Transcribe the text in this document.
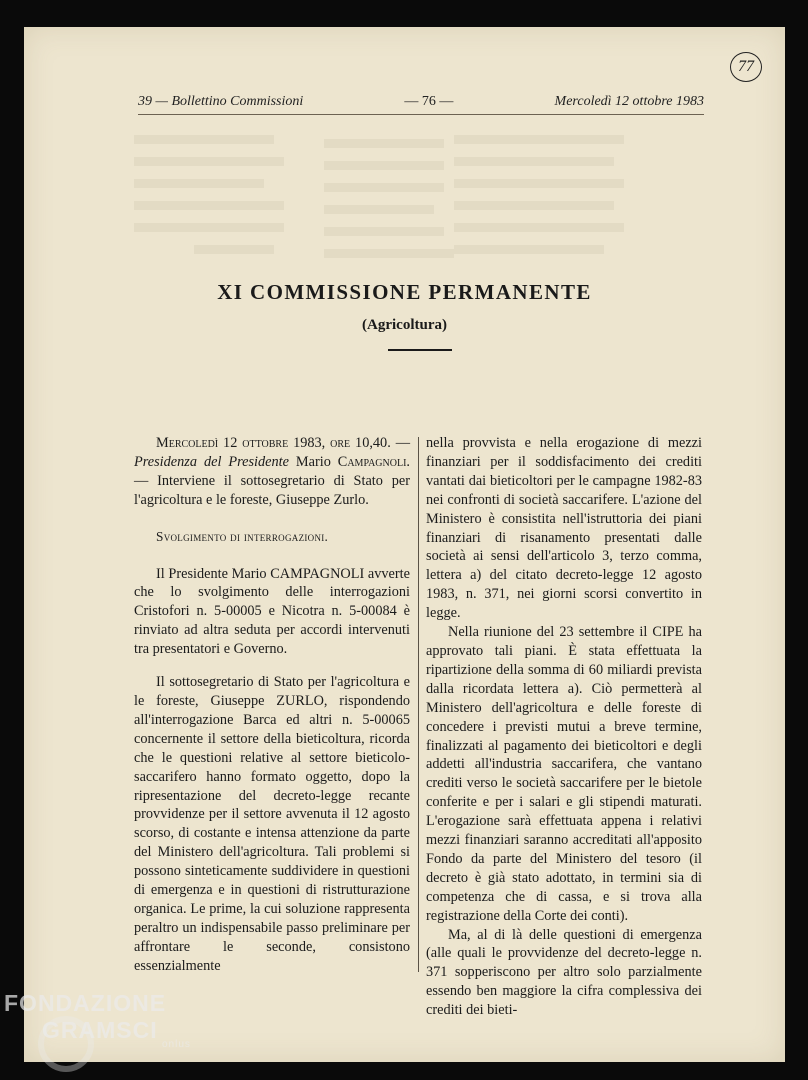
77
39 — Bollettino Commissioni	— 76 —	Mercoledì 12 ottobre 1983
XI COMMISSIONE PERMANENTE
(Agricoltura)

Mercoledì 12 ottobre 1983, ore 10,40. — Presidenza del Presidente Mario Campagnoli. — Interviene il sottosegretario di Stato per l'agricoltura e le foreste, Giuseppe Zurlo.

Svolgimento di interrogazioni.

Il Presidente Mario CAMPAGNOLI avverte che lo svolgimento delle interrogazioni Cristofori n. 5-00005 e Nicotra n. 5-00084 è rinviato ad altra seduta per accordi intervenuti tra presentatori e Governo.

Il sottosegretario di Stato per l'agricoltura e le foreste, Giuseppe ZURLO, rispondendo all'interrogazione Barca ed altri n. 5-00065 concernente il settore della bieticoltura, ricorda che le questioni relative al settore bieticolo-saccarifero hanno formato oggetto, dopo la ripresentazione del decreto-legge recante provvidenze per il settore avvenuta il 12 agosto scorso, di costante e intensa attenzione da parte del Ministero dell'agricoltura. Tali problemi si possono sinteticamente suddividere in questioni di emergenza e in questioni di ristrutturazione organica. Le prime, la cui soluzione rappresenta peraltro un indispensabile passo preliminare per affrontare le seconde, consistono essenzialmente

nella provvista e nella erogazione di mezzi finanziari per il soddisfacimento dei crediti vantati dai bieticoltori per le campagne 1982-83 nei confronti di società saccarifere. L'azione del Ministero è consistita nell'istruttoria dei piani finanziari di risanamento presentati dalle società ai sensi dell'articolo 3, terzo comma, lettera a) del citato decreto-legge 12 agosto 1983, n. 371, nei giorni scorsi convertito in legge.

Nella riunione del 23 settembre il CIPE ha approvato tali piani. È stata effettuata la ripartizione della somma di 60 miliardi prevista dalla ricordata lettera a). Ciò permetterà al Ministero dell'agricoltura e delle foreste di concedere i previsti mutui a breve termine, finalizzati al pagamento dei bieticoltori e degli addetti all'industria saccarifera, che vantano crediti verso le società saccarifere per le bietole conferite e per i salari e gli stipendi maturati. L'erogazione sarà effettuata appena i relativi mezzi finanziari saranno accreditati all'apposito Fondo da parte del Ministero del tesoro (il decreto è già stato adottato, in termini sia di competenza che di cassa, e si trova alla registrazione della Corte dei conti).

Ma, al di là delle questioni di emergenza (alle quali le provvidenze del decreto-legge n. 371 sopperiscono per altro solo parzialmente essendo ben maggiore la cifra complessiva dei crediti dei bieti-

FONDAZIONE
GRAMSCI
onlus
